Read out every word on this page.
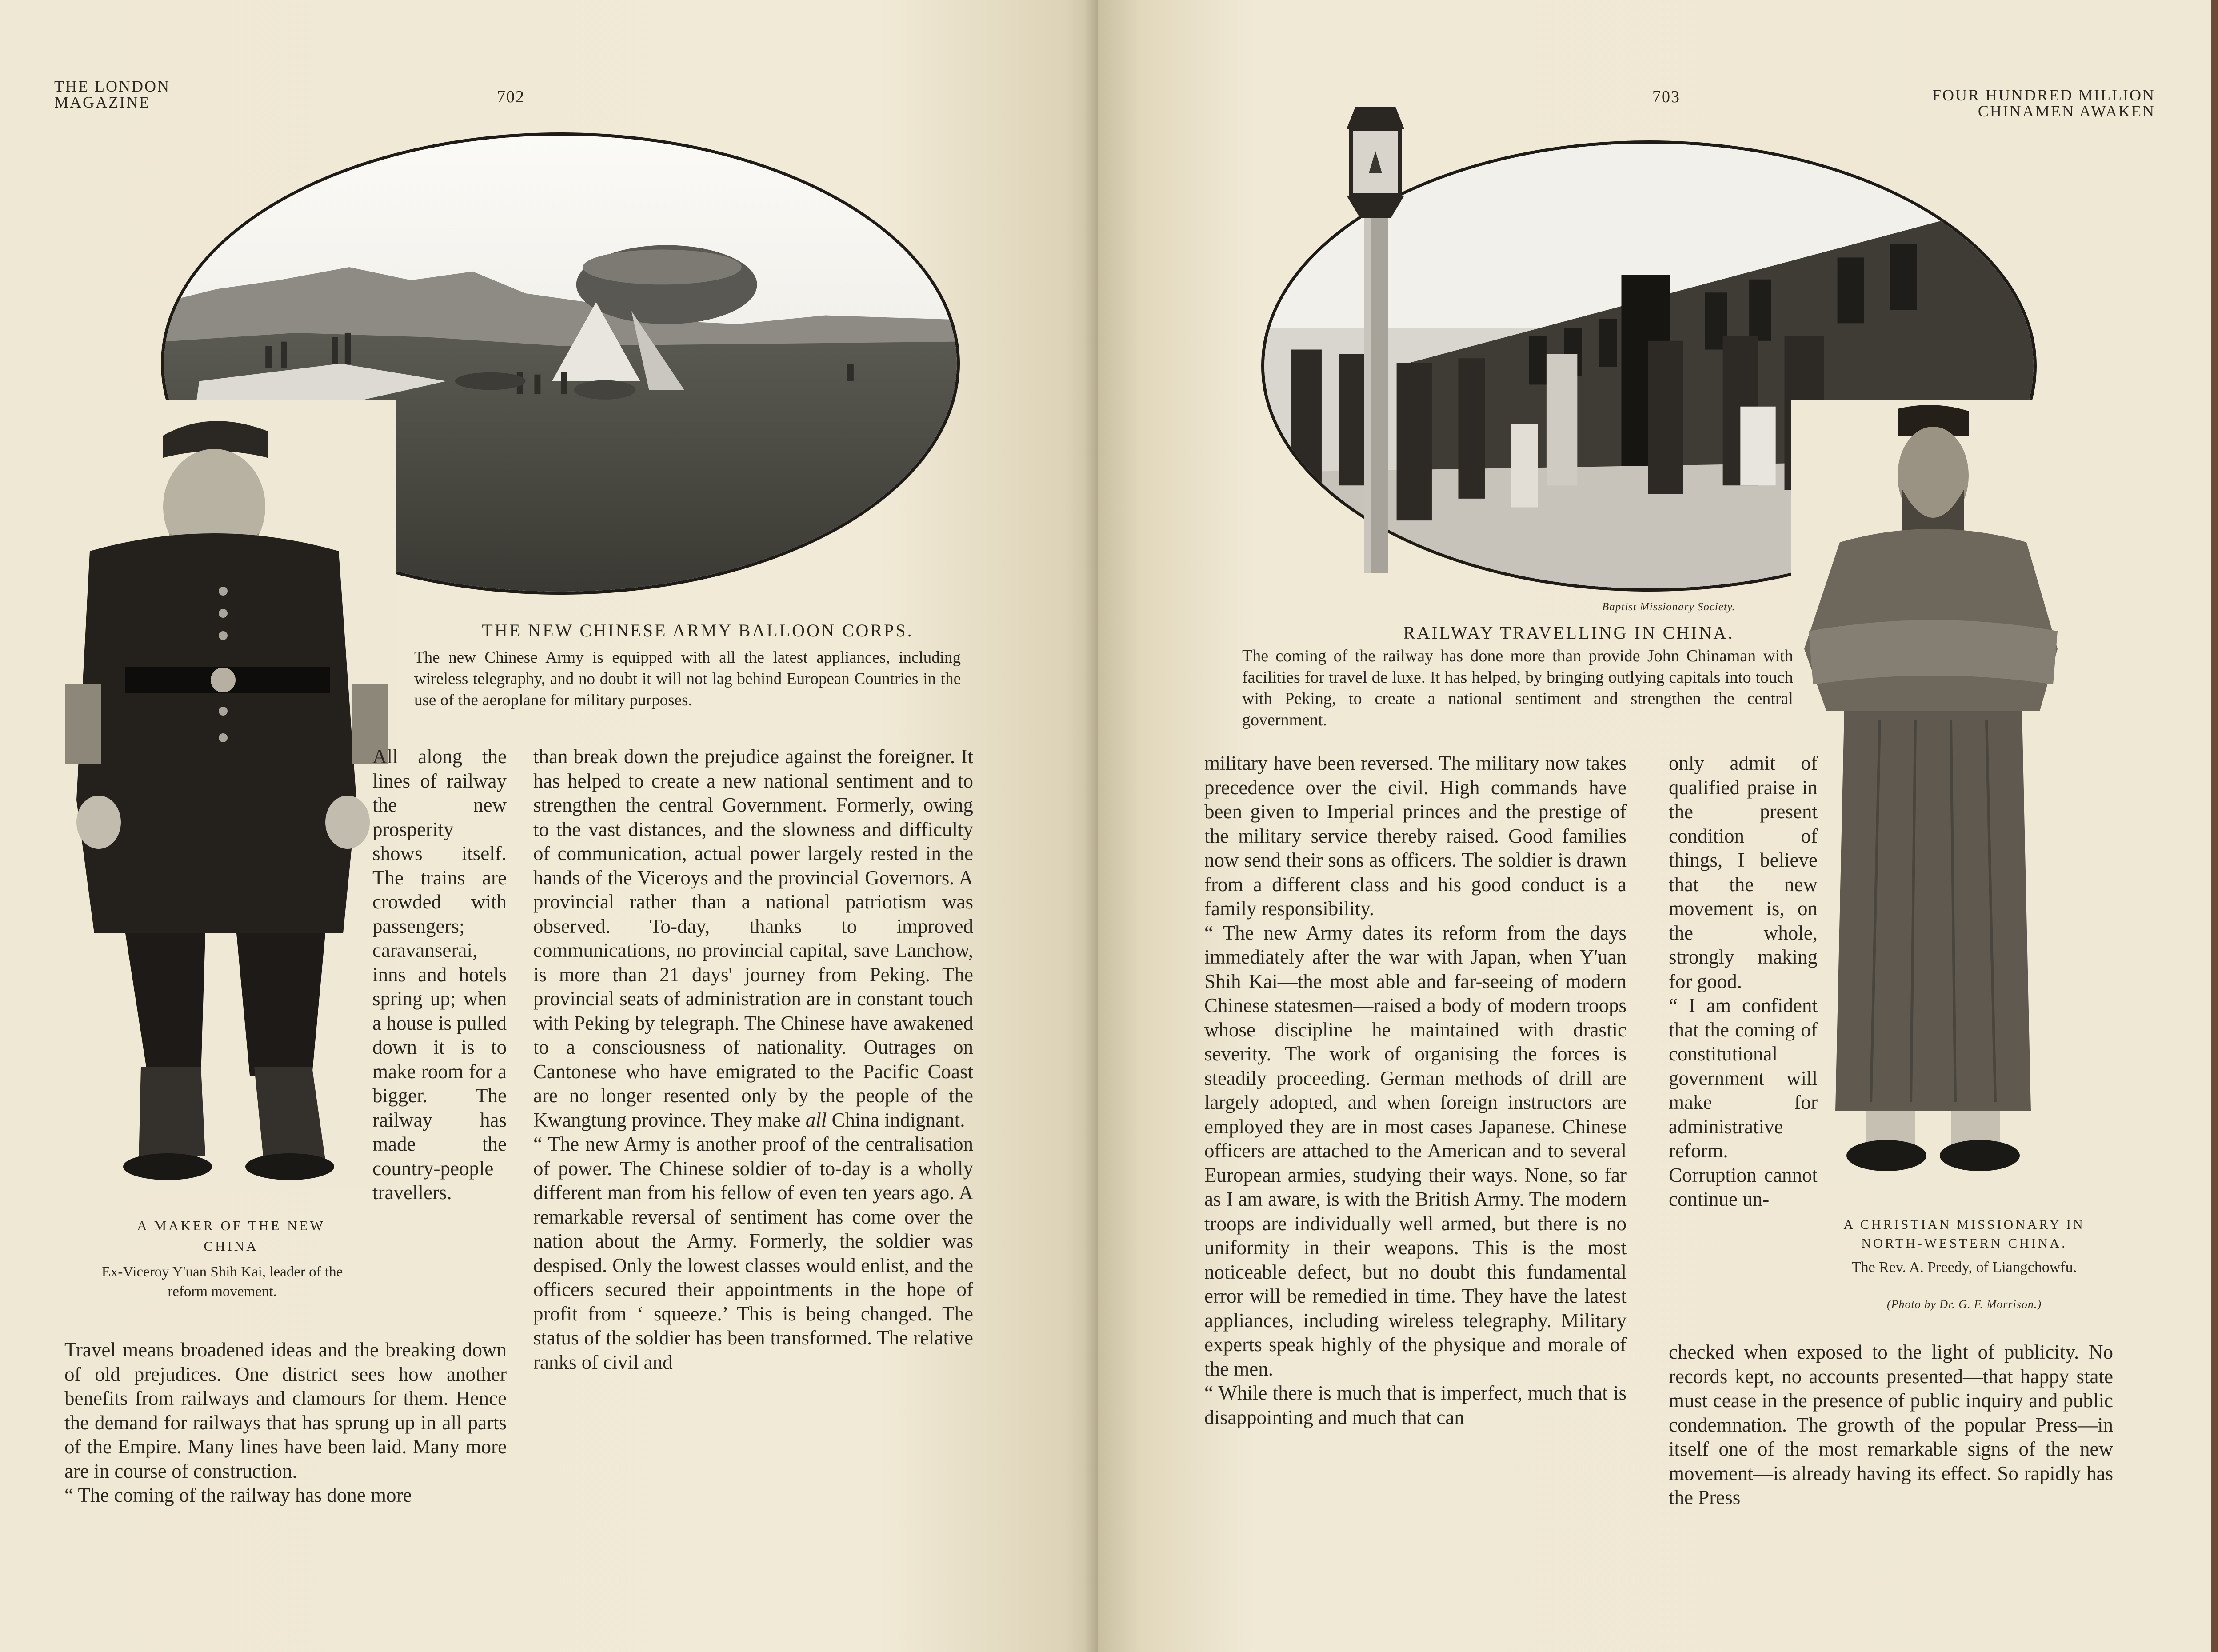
THE LONDON
MAGAZINE	702
THE NEW CHINESE ARMY BALLOON CORPS.
The new Chinese Army is equipped with all the latest appliances, including wireless telegraphy, and no doubt it will not lag behind European Countries in the use of the aeroplane for military purposes.
A MAKER OF THE NEW
CHINA
Ex-Viceroy Y'uan Shih Kai, leader of the reform movement.

All along the lines of railway the new prosperity shows itself. The trains are crowded with passengers; caravanserai, inns and hotels spring up; when a house is pulled down it is to make room for a bigger. The railway has made the country-people travellers.

Travel means broadened ideas and the breaking down of old prejudices. One district sees how another benefits from railways and clamours for them. Hence the demand for railways that has sprung up in all parts of the Empire. Many lines have been laid. Many more are in course of construction.

“ The coming of the railway has done more

than break down the prejudice against the foreigner. It has helped to create a new national sentiment and to strengthen the central Government. Formerly, owing to the vast distances, and the slowness and difficulty of communication, actual power largely rested in the hands of the Viceroys and the provincial Governors. A provincial rather than a national patriotism was observed. To-day, thanks to improved communications, no provincial capital, save Lanchow, is more than 21 days' journey from Peking. The provincial seats of administration are in constant touch with Peking by telegraph. The Chinese have awakened to a consciousness of nationality. Outrages on Cantonese who have emigrated to the Pacific Coast are no longer resented only by the people of the Kwangtung province. They make all China indignant.

“ The new Army is another proof of the centralisation of power. The Chinese soldier of to-day is a wholly different man from his fellow of even ten years ago. A remarkable reversal of sentiment has come over the nation about the Army. Formerly, the soldier was despised. Only the lowest classes would enlist, and the officers secured their appointments in the hope of profit from ‘ squeeze.’ This is being changed. The status of the soldier has been transformed. The relative ranks of civil and

703	FOUR HUNDRED MILLION
CHINAMEN AWAKEN
Baptist Missionary Society.
RAILWAY TRAVELLING IN CHINA.
The coming of the railway has done more than provide John Chinaman with facilities for travel de luxe. It has helped, by bringing outlying capitals into touch with Peking, to create a national sentiment and strengthen the central government.
A CHRISTIAN MISSIONARY IN
NORTH-WESTERN CHINA.
The Rev. A. Preedy, of Liangchowfu.
(Photo by Dr. G. F. Morrison.)

military have been reversed. The military now takes precedence over the civil. High commands have been given to Imperial princes and the prestige of the military service thereby raised. Good families now send their sons as officers. The soldier is drawn from a different class and his good conduct is a family responsibility.

“ The new Army dates its reform from the days immediately after the war with Japan, when Y'uan Shih Kai—the most able and far-seeing of modern Chinese statesmen—raised a body of modern troops whose discipline he maintained with drastic severity. The work of organising the forces is steadily proceeding. German methods of drill are largely adopted, and when foreign instructors are employed they are in most cases Japanese. Chinese officers are attached to the American and to several European armies, studying their ways. None, so far as I am aware, is with the British Army. The modern troops are individually well armed, but there is no uniformity in their weapons. This is the most noticeable defect, but no doubt this fundamental error will be remedied in time. They have the latest appliances, including wireless telegraphy. Military experts speak highly of the physique and morale of the men.

“ While there is much that is imperfect, much that is disappointing and much that can

only admit of qualified praise in the present condition of things, I believe that the new movement is, on the whole, strongly making for good.

“ I am confident that the coming of constitutional government will make for administrative reform. Corruption cannot continue un-

checked when exposed to the light of publicity. No records kept, no accounts presented—that happy state must cease in the presence of public inquiry and public condemnation. The growth of the popular Press—in itself one of the most remarkable signs of the new movement—is already having its effect. So rapidly has the Press
